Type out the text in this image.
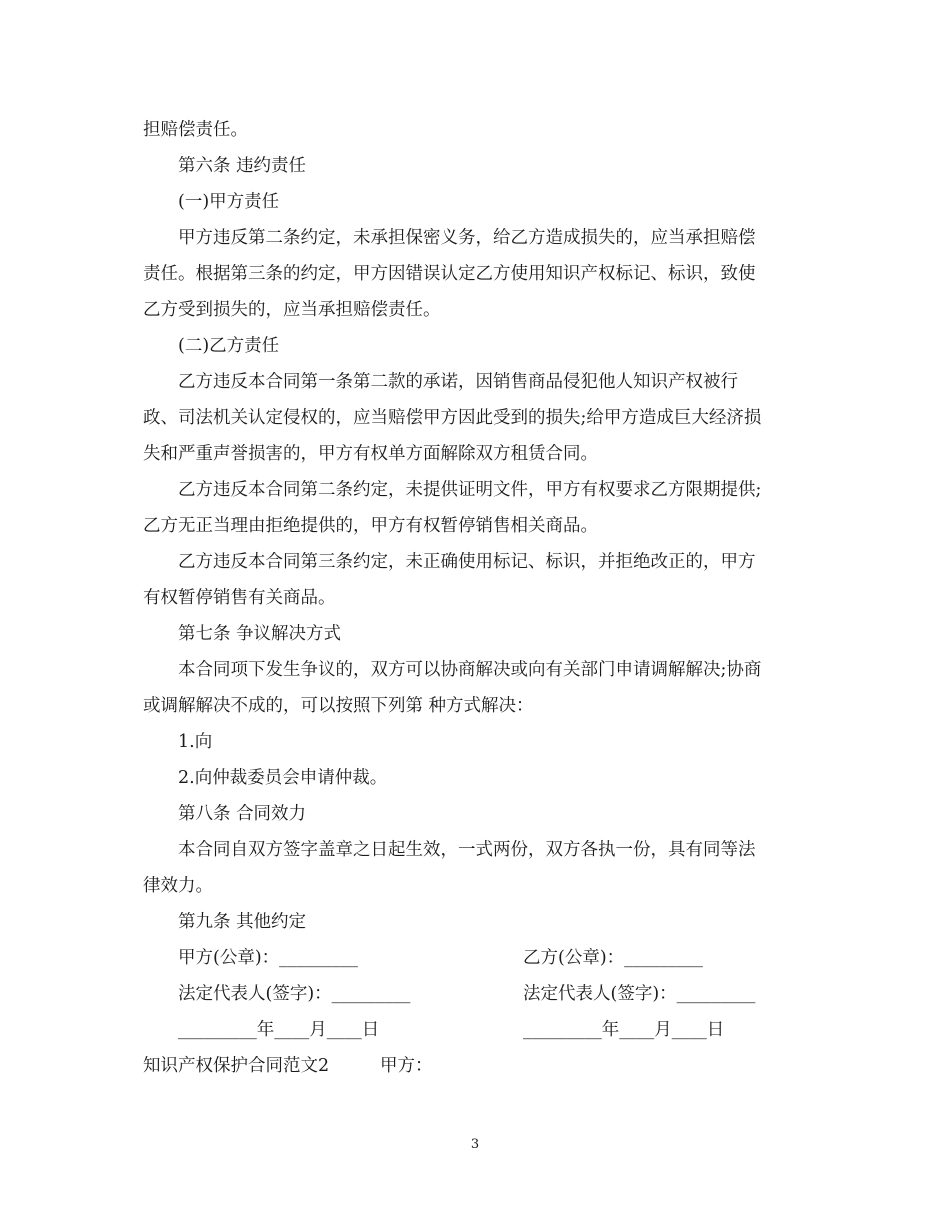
担赔偿责任。
第六条 违约责任
(一)甲方责任
甲方违反第二条约定，未承担保密义务，给乙方造成损失的，应当承担赔偿
责任。根据第三条的约定，甲方因错误认定乙方使用知识产权标记、标识，致使
乙方受到损失的，应当承担赔偿责任。
(二)乙方责任
乙方违反本合同第一条第二款的承诺，因销售商品侵犯他人知识产权被行
政、司法机关认定侵权的，应当赔偿甲方因此受到的损失;给甲方造成巨大经济损
失和严重声誉损害的，甲方有权单方面解除双方租赁合同。
乙方违反本合同第二条约定，未提供证明文件，甲方有权要求乙方限期提供;
乙方无正当理由拒绝提供的，甲方有权暂停销售相关商品。
乙方违反本合同第三条约定，未正确使用标记、标识，并拒绝改正的，甲方
有权暂停销售有关商品。
第七条 争议解决方式
本合同项下发生争议的，双方可以协商解决或向有关部门申请调解解决;协商
或调解解决不成的，可以按照下列第 种方式解决：
1.向
2.向仲裁委员会申请仲裁。
第八条 合同效力
本合同自双方签字盖章之日起生效，一式两份，双方各执一份，具有同等法
律效力。
第九条 其他约定
甲方(公章)：_________	乙方(公章)：_________
法定代表人(签字)：_________	法定代表人(签字)：_________
_________年____月____日	_________年____月____日
知识产权保护合同范文2	甲方：
3
